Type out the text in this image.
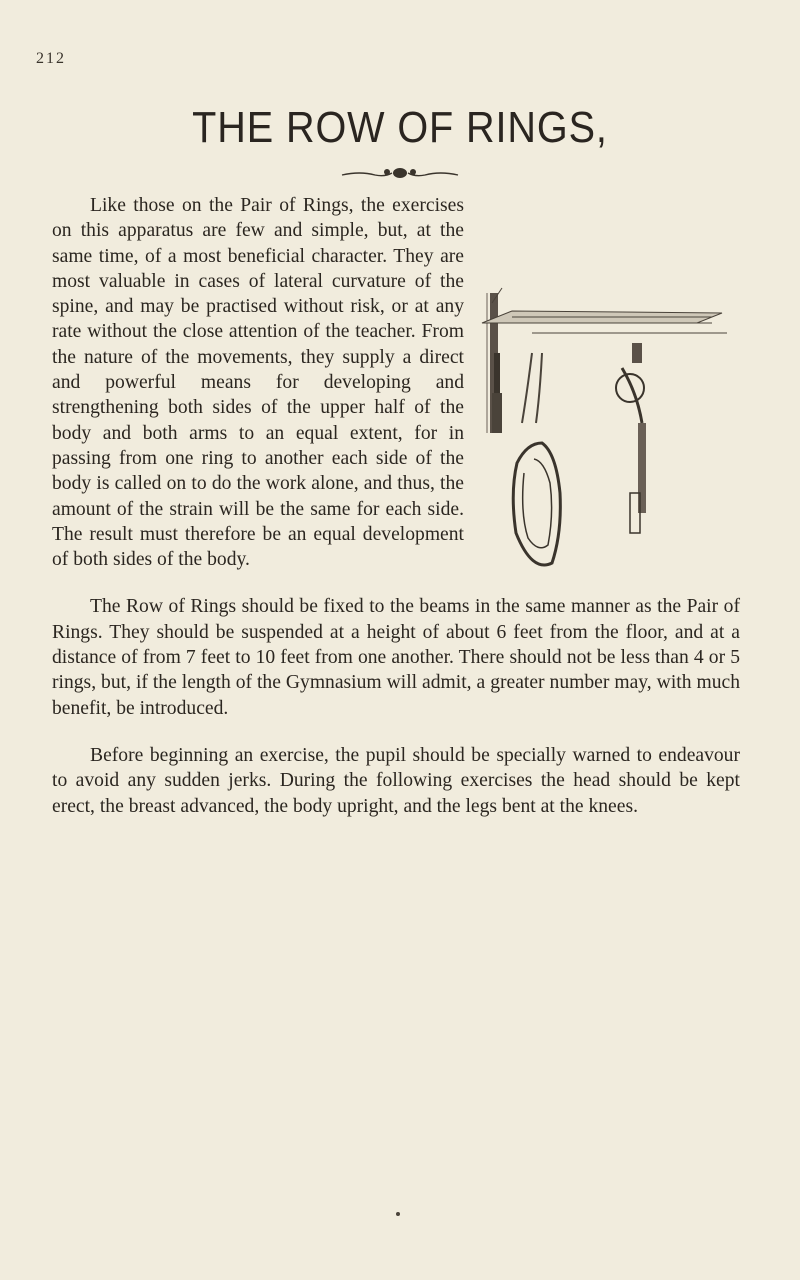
212
THE ROW OF RINGS,

Like those on the Pair of Rings, the exercises on this apparatus are few and simple, but, at the same time, of a most beneficial character. They are most valuable in cases of lateral curvature of the spine, and may be practised without risk, or at any rate without the close attention of the teacher. From the nature of the movements, they supply a direct and powerful means for developing and strengthening both sides of the upper half of the body and both arms to an equal extent, for in passing from one ring to another each side of the body is called on to do the work alone, and thus, the amount of the strain will be the same for each side. The result must therefore be an equal development of both sides of the body.

The Row of Rings should be fixed to the beams in the same manner as the Pair of Rings. They should be suspended at a height of about 6 feet from the floor, and at a distance of from 7 feet to 10 feet from one another. There should not be less than 4 or 5 rings, but, if the length of the Gymnasium will admit, a greater number may, with much benefit, be introduced.

Before beginning an exercise, the pupil should be specially warned to endeavour to avoid any sudden jerks. During the following exercises the head should be kept erect, the breast advanced, the body upright, and the legs bent at the knees.
